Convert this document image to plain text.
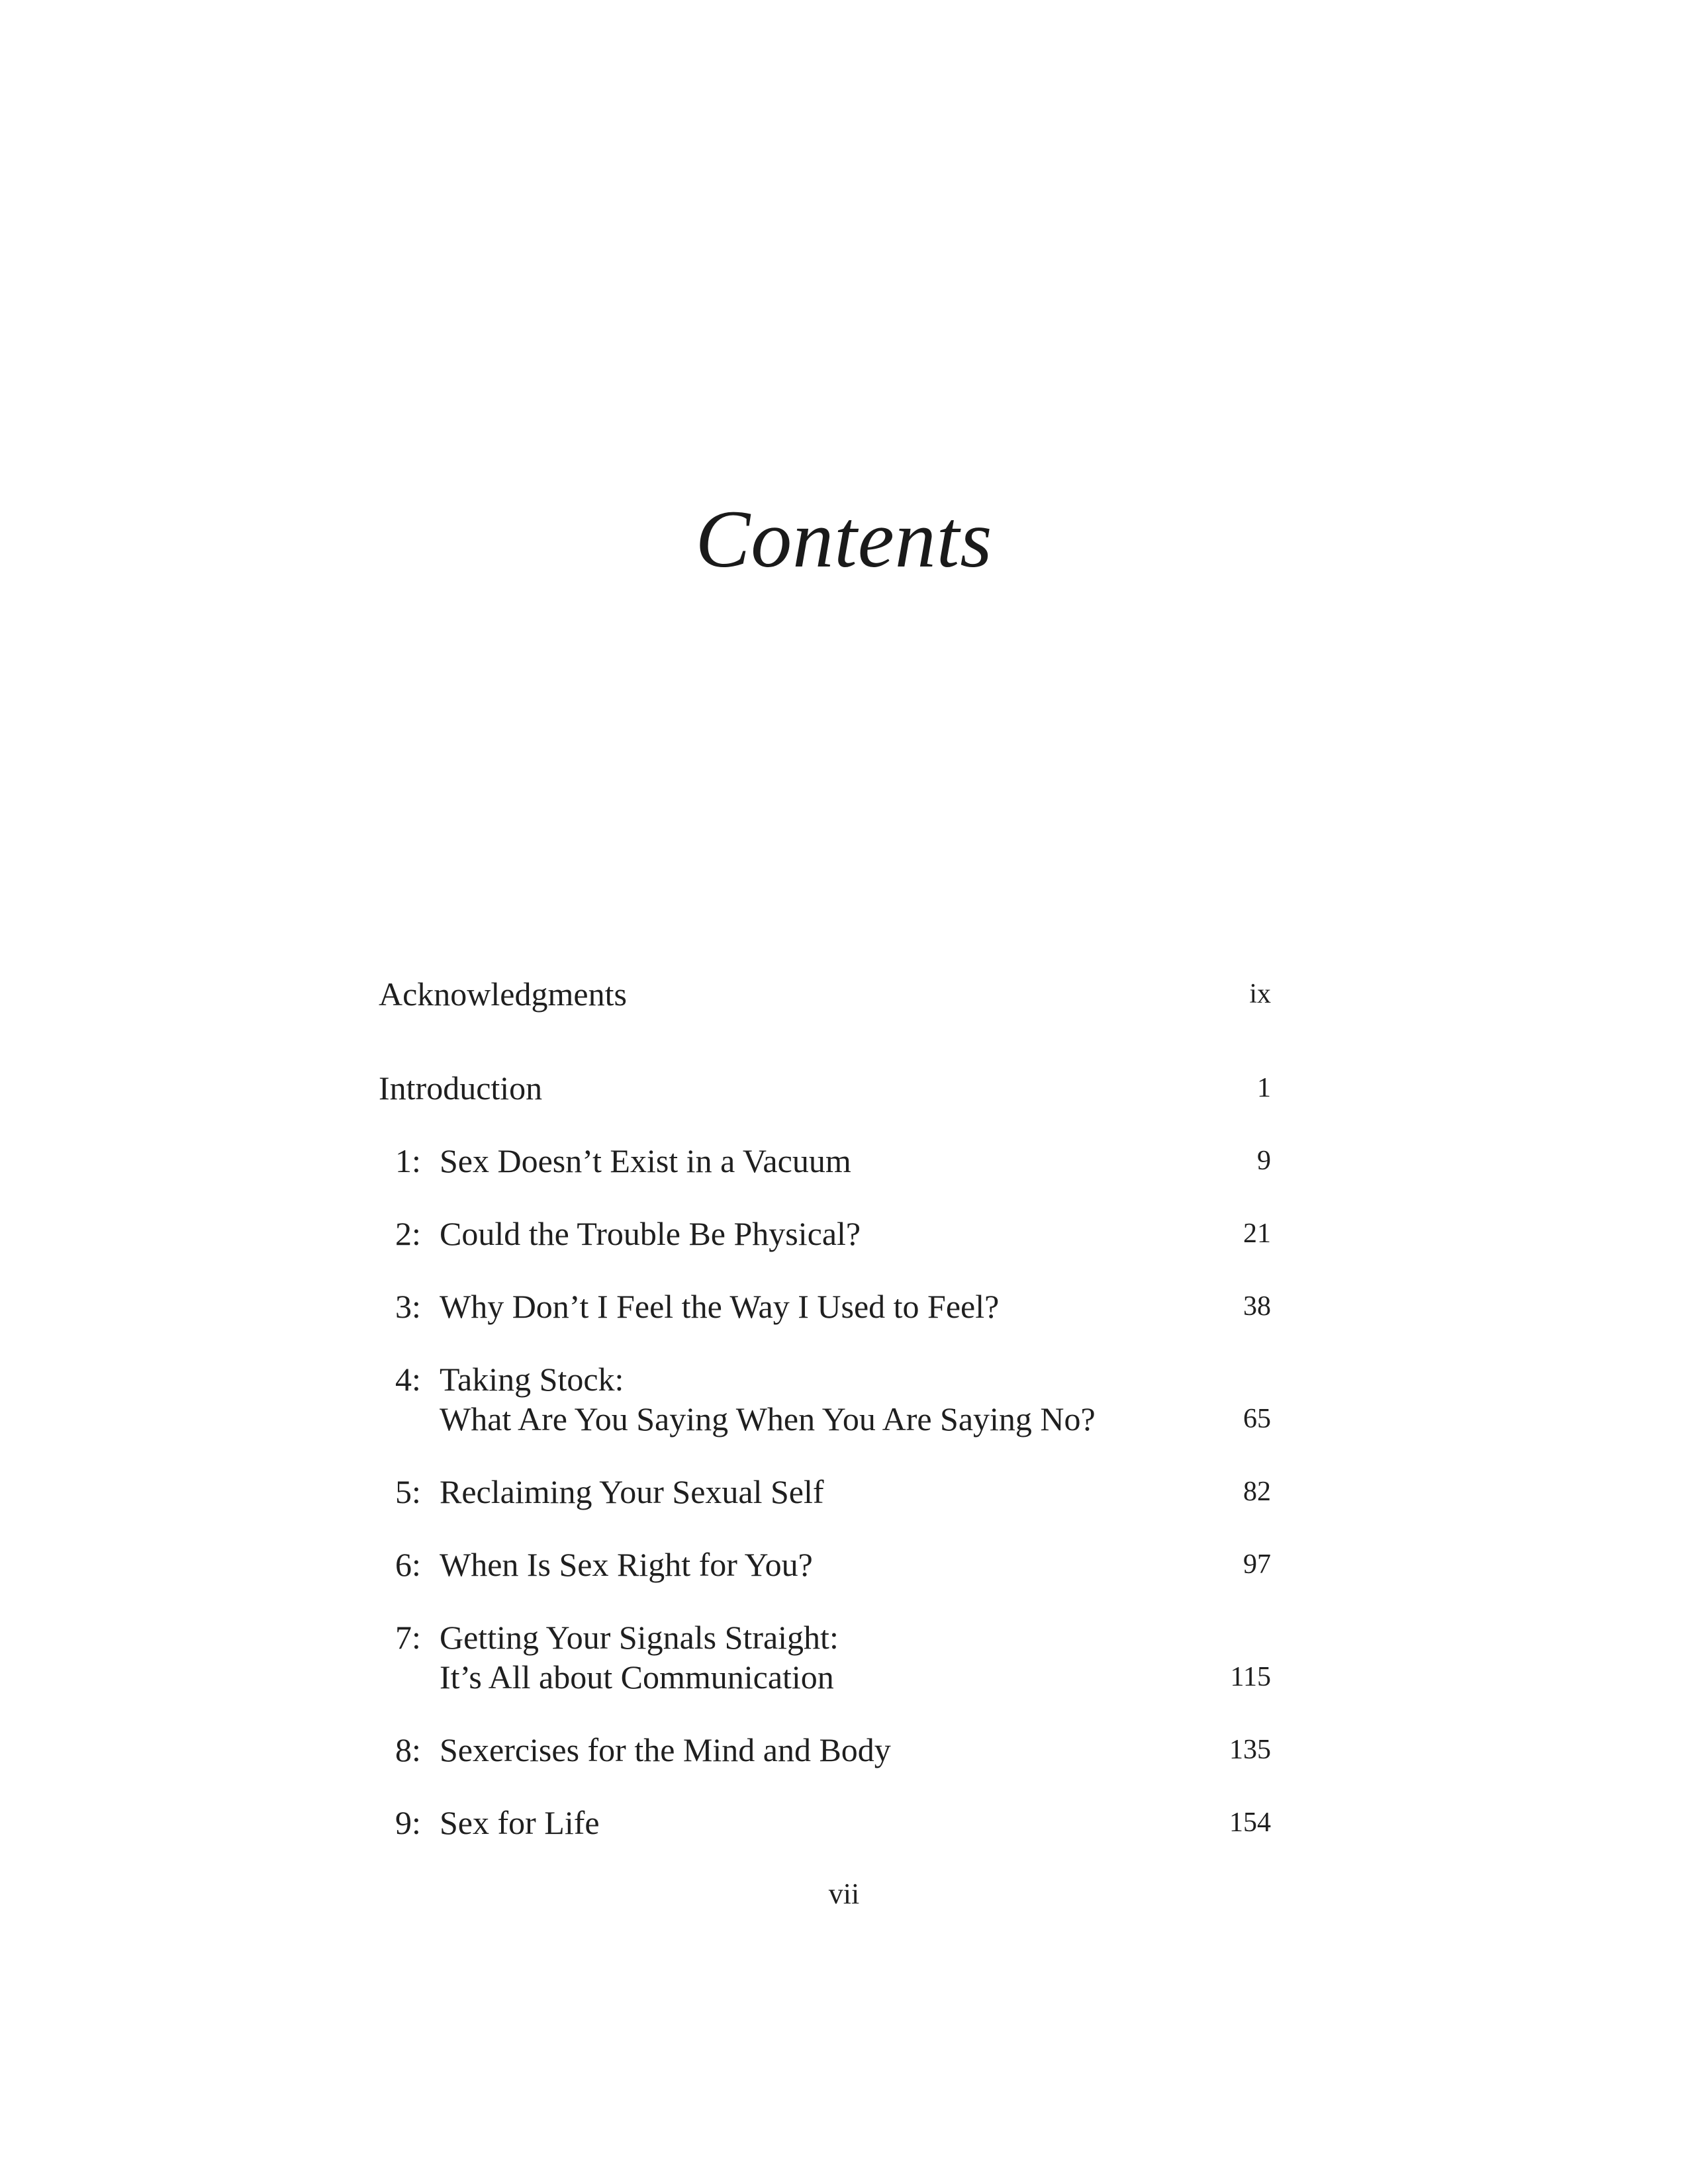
Contents
Acknowledgments	ix
Introduction	1
1: Sex Doesn’t Exist in a Vacuum	9
2: Could the Trouble Be Physical?	21
3: Why Don’t I Feel the Way I Used to Feel?	38
4: Taking Stock:
What Are You Saying When You Are Saying No?	65
5: Reclaiming Your Sexual Self	82
6: When Is Sex Right for You?	97
7: Getting Your Signals Straight:
It’s All about Communication	115
8: Sexercises for the Mind and Body	135
9: Sex for Life	154
vii
